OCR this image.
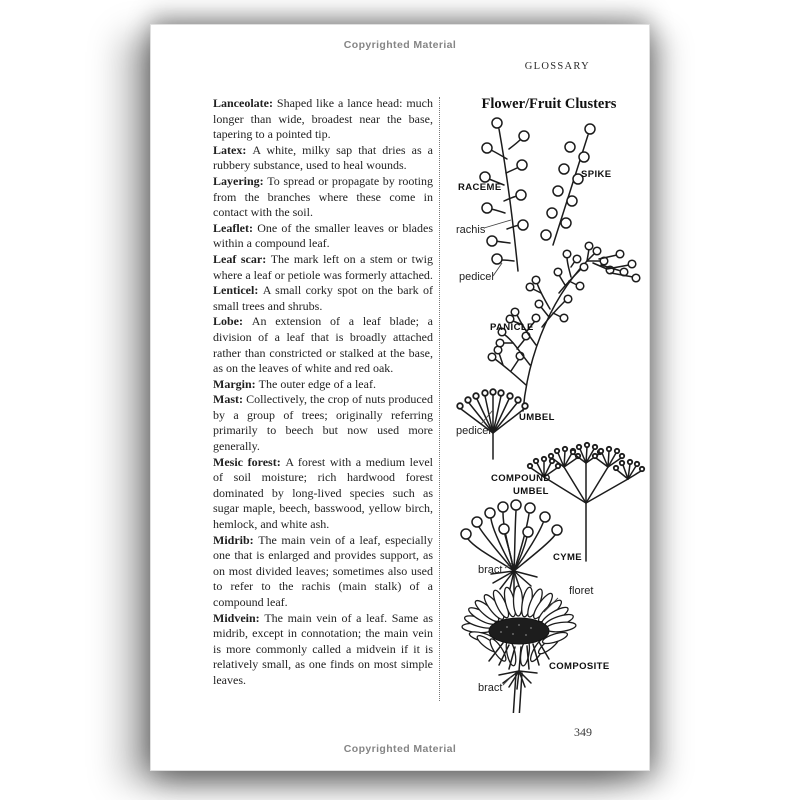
Copyrighted Material
GLOSSARY

Lanceolate : Shaped like a lance head: much longer than wide, broadest near the base, tapering to a pointed tip.

Latex : A white, milky sap that dries as a rubbery substance, used to heal wounds.

Layering : To spread or propagate by rooting from the branches where these come in contact with the soil.

Leaflet : One of the smaller leaves or blades within a compound leaf.

Leaf scar : The mark left on a stem or twig where a leaf or petiole was formerly attached.

Lenticel : A small corky spot on the bark of small trees and shrubs.

Lobe : An extension of a leaf blade; a division of a leaf that is broadly attached rather than constricted or stalked at the base, as on the leaves of white and red oak.

Margin : The outer edge of a leaf.

Mast : Collectively, the crop of nuts produced by a group of trees; originally referring primarily to beech but now used more generally.

Mesic forest : A forest with a medium level of soil moisture; rich hardwood forest dominated by long-lived species such as sugar maple, beech, basswood, yellow birch, hemlock, and white ash.

Midrib : The main vein of a leaf, especially one that is enlarged and provides support, as on most divided leaves; sometimes also used to refer to the rachis (main stalk) of a compound leaf.

Midvein : The main vein of a leaf. Same as midrib, except in connotation; the main vein is more commonly called a midvein if it is relatively small, as one finds on most simple leaves.

Flower/Fruit Clusters
RACEME
SPIKE
rachis
pedicel
PANICLE
UMBEL
pedicel
COMPOUND
UMBEL
CYME
bract
floret
COMPOSITE
bract
349
Copyrighted Material
